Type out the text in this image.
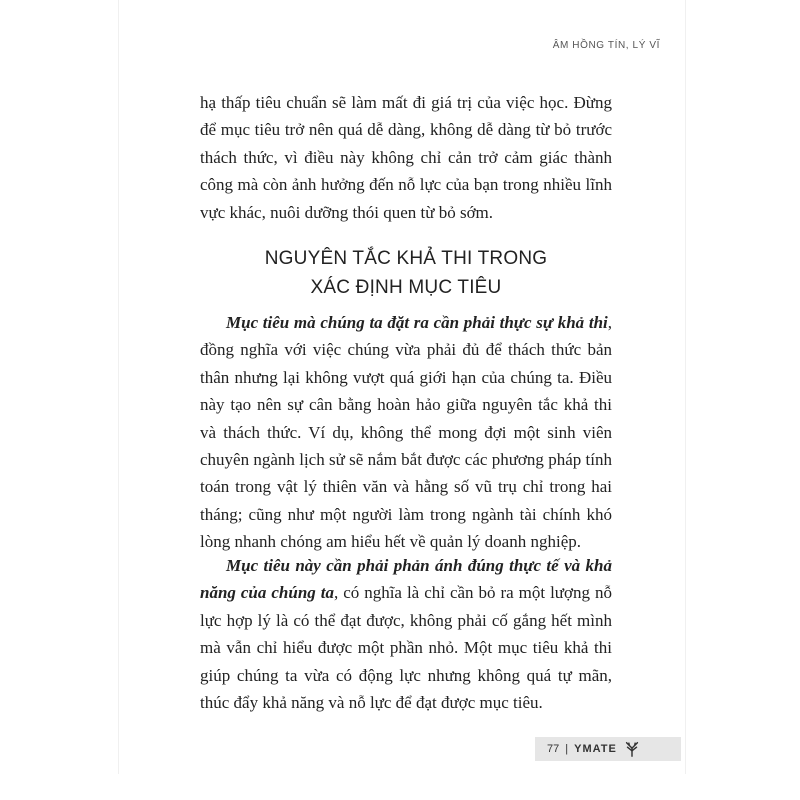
ÂM HỒNG TÍN, LÝ VĨ

hạ thấp tiêu chuẩn sẽ làm mất đi giá trị của việc học. Đừng để mục tiêu trở nên quá dễ dàng, không dễ dàng từ bỏ trước thách thức, vì điều này không chỉ cản trở cảm giác thành công mà còn ảnh hưởng đến nỗ lực của bạn trong nhiều lĩnh vực khác, nuôi dưỡng thói quen từ bỏ sớm.

NGUYÊN TẮC KHẢ THI TRONG
XÁC ĐỊNH MỤC TIÊU

Mục tiêu mà chúng ta đặt ra cần phải thực sự khả thi, đồng nghĩa với việc chúng vừa phải đủ để thách thức bản thân nhưng lại không vượt quá giới hạn của chúng ta. Điều này tạo nên sự cân bằng hoàn hảo giữa nguyên tắc khả thi và thách thức. Ví dụ, không thể mong đợi một sinh viên chuyên ngành lịch sử sẽ nắm bắt được các phương pháp tính toán trong vật lý thiên văn và hằng số vũ trụ chỉ trong hai tháng; cũng như một người làm trong ngành tài chính khó lòng nhanh chóng am hiểu hết về quản lý doanh nghiệp.

Mục tiêu này cần phải phản ánh đúng thực tế và khả năng của chúng ta, có nghĩa là chỉ cần bỏ ra một lượng nỗ lực hợp lý là có thể đạt được, không phải cố gắng hết mình mà vẫn chỉ hiểu được một phần nhỏ. Một mục tiêu khả thi giúp chúng ta vừa có động lực nhưng không quá tự mãn, thúc đẩy khả năng và nỗ lực để đạt được mục tiêu.

77 | YMATE
